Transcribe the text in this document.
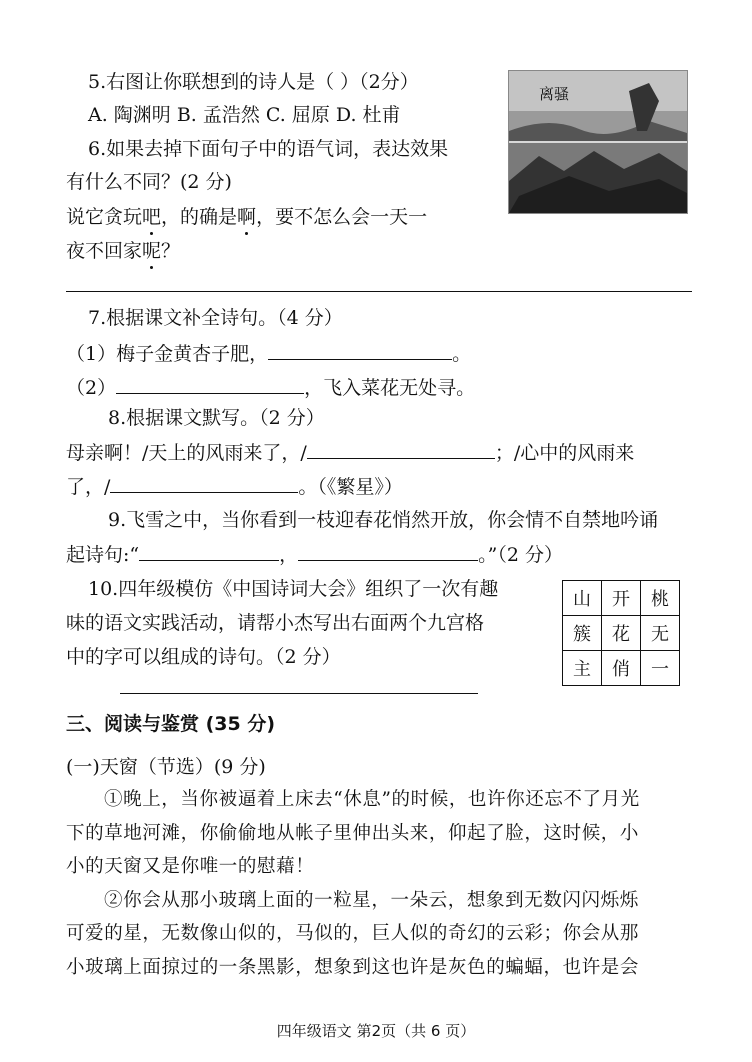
5.右图让你联想到的诗人是（ ）（2分）
A. 陶渊明 B. 孟浩然 C. 屈原 D. 杜甫
离骚
6.如果去掉下面句子中的语气词，表达效果
有什么不同？(2 分)
说它贪玩吧，的确是啊，要不怎么会一天一
夜不回家呢？
7.根据课文补全诗句。（4 分）
（1）梅子金黄杏子肥，	。
（2）	，飞入菜花无处寻。
8.根据课文默写。（2 分）
母亲啊！/天上的风雨来了，/	；/心中的风雨来
了，/	。（《繁星》）
9.飞雪之中，当你看到一枝迎春花悄然开放，你会情不自禁地吟诵
起诗句:“	，	。”（2 分）
10.四年级模仿《中国诗词大会》组织了一次有趣
味的语文实践活动，请帮小杰写出右面两个九宫格
中的字可以组成的诗句。（2 分）
山	开	桃
簇	花	无
主	俏	一
三、阅读与鉴赏 (35 分)
(一)天窗（节选）(9 分)
①晚上，当你被逼着上床去“休息”的时候，也许你还忘不了月光
下的草地河滩，你偷偷地从帐子里伸出头来，仰起了脸，这时候，小
小的天窗又是你唯一的慰藉！
②你会从那小玻璃上面的一粒星，一朵云，想象到无数闪闪烁烁
可爱的星，无数像山似的，马似的，巨人似的奇幻的云彩；你会从那
小玻璃上面掠过的一条黑影，想象到这也许是灰色的蝙蝠，也许是会
四年级语文 第2页（共 6 页）
